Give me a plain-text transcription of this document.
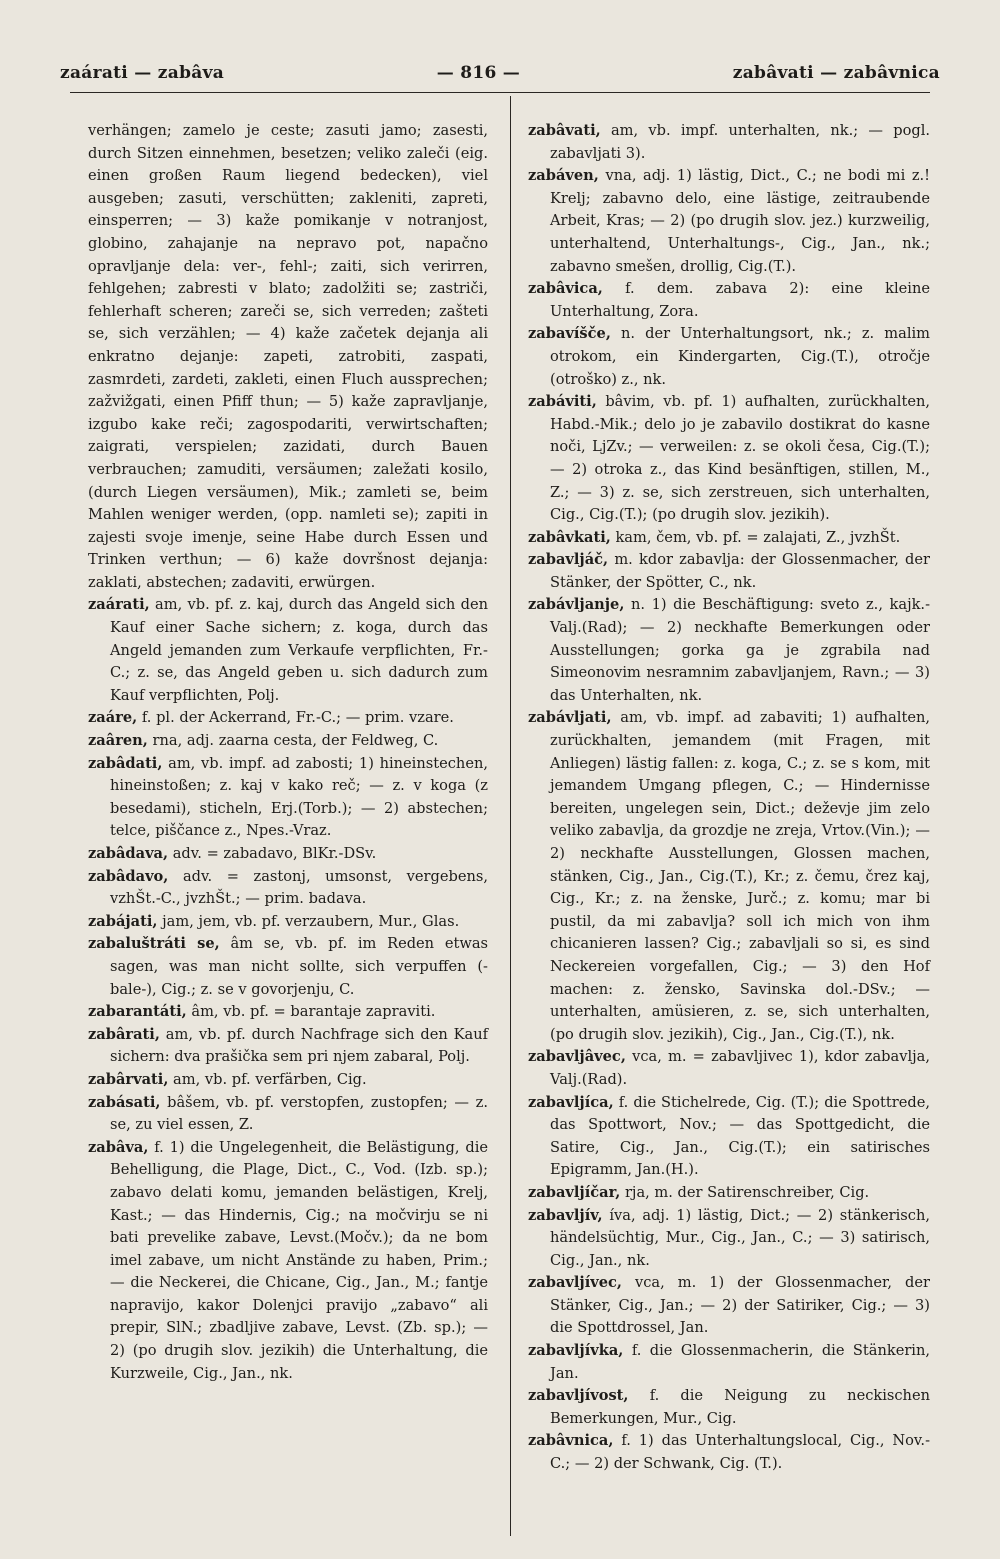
zaárati — zabâva	— 816 —	zabâvati — zabâvnica

verhängen; zamelo je ceste; zasuti jamo; zasesti, durch Sitzen einnehmen, besetzen; veliko zaleči (eig. einen großen Raum liegend bedecken), viel ausgeben; zasuti, verschütten; zakleniti, zapreti, einsperren; — 3) kaže pomikanje v notranjost, globino, zahajanje na nepravo pot, napačno opravljanje dela: ver-, fehl-; zaiti, sich verirren, fehlgehen; zabresti v blato; zadolžiti se; zastriči, fehlerhaft scheren; zareči se, sich verreden; zašteti se, sich verzählen; — 4) kaže začetek dejanja ali enkratno dejanje: zapeti, zatrobiti, zaspati, zasmrdeti, zardeti, zakleti, einen Fluch aussprechen; zažvižgati, einen Pfiff thun; — 5) kaže zapravljanje, izgubo kake reči; zagospodariti, verwirtschaften; zaigrati, verspielen; zazidati, durch Bauen verbrauchen; zamuditi, versäumen; zaležati kosilo, (durch Liegen versäumen), Mik.; zamleti se, beim Mahlen weniger werden, (opp. namleti se); zapiti in zajesti svoje imenje, seine Habe durch Essen und Trinken verthun; — 6) kaže dovršnost dejanja: zaklati, abstechen; zadaviti, erwürgen.

zaárati, am, vb. pf. z. kaj, durch das Angeld sich den Kauf einer Sache sichern; z. koga, durch das Angeld jemanden zum Verkaufe verpflichten, Fr.-C.; z. se, das Angeld geben u. sich dadurch zum Kauf verpflichten, Polj.

zaáre, f. pl. der Ackerrand, Fr.-C.; — prim. vzare.

zaâren, rna, adj. zaarna cesta, der Feldweg, C.

zabâdati, am, vb. impf. ad zabosti; 1) hineinstechen, hineinstoßen; z. kaj v kako reč; — z. v koga (z besedami), sticheln, Erj.(Torb.); — 2) abstechen; telce, piščance z., Npes.-Vraz.

zabâdava, adv. = zabadavo, BlKr.-DSv.

zabâdavo, adv. = zastonj, umsonst, vergebens, vzhŠt.-C., jvzhŠt.; — prim. badava.

zabájati, jam, jem, vb. pf. verzaubern, Mur., Glas.

zabaluštráti se, âm se, vb. pf. im Reden etwas sagen, was man nicht sollte, sich verpuffen (-bale-), Cig.; z. se v govorjenju, C.

zabarantáti, âm, vb. pf. = barantaje zapraviti.

zabârati, am, vb. pf. durch Nachfrage sich den Kauf sichern: dva prašička sem pri njem zabaral, Polj.

zabârvati, am, vb. pf. verfärben, Cig.

zabásati, bâšem, vb. pf. verstopfen, zustopfen; — z. se, zu viel essen, Z.

zabâva, f. 1) die Ungelegenheit, die Belästigung, die Behelligung, die Plage, Dict., C., Vod. (Izb. sp.); zabavo delati komu, jemanden belästigen, Krelj, Kast.; — das Hindernis, Cig.; na močvirju se ni bati prevelike zabave, Levst.(Močv.); da ne bom imel zabave, um nicht Anstände zu haben, Prim.; — die Neckerei, die Chicane, Cig., Jan., M.; fantje napravijo, kakor Dolenjci pravijo „zabavo“ ali prepir, SlN.; zbadljive zabave, Levst. (Zb. sp.); — 2) (po drugih slov. jezikih) die Unterhaltung, die Kurzweile, Cig., Jan., nk.

zabâvati, am, vb. impf. unterhalten, nk.; — pogl. zabavljati 3).

zabáven, vna, adj. 1) lästig, Dict., C.; ne bodi mi z.! Krelj; zabavno delo, eine lästige, zeitraubende Arbeit, Kras; — 2) (po drugih slov. jez.) kurzweilig, unterhaltend, Unterhaltungs-, Cig., Jan., nk.; zabavno smešen, drollig, Cig.(T.).

zabâvica, f. dem. zabava 2): eine kleine Unterhaltung, Zora.

zabavíšče, n. der Unterhaltungsort, nk.; z. malim otrokom, ein Kindergarten, Cig.(T.), otročje (otroško) z., nk.

zabáviti, bâvim, vb. pf. 1) aufhalten, zurückhalten, Habd.-Mik.; delo jo je zabavilo dostikrat do kasne noči, LjZv.; — verweilen: z. se okoli česa, Cig.(T.); — 2) otroka z., das Kind besänftigen, stillen, M., Z.; — 3) z. se, sich zerstreuen, sich unterhalten, Cig., Cig.(T.); (po drugih slov. jezikih).

zabâvkati, kam, čem, vb. pf. = zalajati, Z., jvzhŠt.

zabavljáč, m. kdor zabavlja: der Glossenmacher, der Stänker, der Spötter, C., nk.

zabávljanje, n. 1) die Beschäftigung: sveto z., kajk.-Valj.(Rad); — 2) neckhafte Bemerkungen oder Ausstellungen; gorka ga je zgrabila nad Simeonovim nesramnim zabavljanjem, Ravn.; — 3) das Unterhalten, nk.

zabávljati, am, vb. impf. ad zabaviti; 1) aufhalten, zurückhalten, jemandem (mit Fragen, mit Anliegen) lästig fallen: z. koga, C.; z. se s kom, mit jemandem Umgang pflegen, C.; — Hindernisse bereiten, ungelegen sein, Dict.; deževje jim zelo veliko zabavlja, da grozdje ne zreja, Vrtov.(Vin.); — 2) neckhafte Ausstellungen, Glossen machen, stänken, Cig., Jan., Cig.(T.), Kr.; z. čemu, črez kaj, Cig., Kr.; z. na ženske, Jurč.; z. komu; mar bi pustil, da mi zabavlja? soll ich mich von ihm chicanieren lassen? Cig.; zabavljali so si, es sind Neckereien vorgefallen, Cig.; — 3) den Hof machen: z. žensko, Savinska dol.-DSv.; — unterhalten, amüsieren, z. se, sich unterhalten, (po drugih slov. jezikih), Cig., Jan., Cig.(T.), nk.

zabavljâvec, vca, m. = zabavljivec 1), kdor zabavlja, Valj.(Rad).

zabavljíca, f. die Stichelrede, Cig. (T.); die Spottrede, das Spottwort, Nov.; — das Spottgedicht, die Satire, Cig., Jan., Cig.(T.); ein satirisches Epigramm, Jan.(H.).

zabavljíčar, rja, m. der Satirenschreiber, Cig.

zabavljív, íva, adj. 1) lästig, Dict.; — 2) stänkerisch, händelsüchtig, Mur., Cig., Jan., C.; — 3) satirisch, Cig., Jan., nk.

zabavljívec, vca, m. 1) der Glossenmacher, der Stänker, Cig., Jan.; — 2) der Satiriker, Cig.; — 3) die Spottdrossel, Jan.

zabavljívka, f. die Glossenmacherin, die Stänkerin, Jan.

zabavljívost, f. die Neigung zu neckischen Bemerkungen, Mur., Cig.

zabâvnica, f. 1) das Unterhaltungslocal, Cig., Nov.-C.; — 2) der Schwank, Cig. (T.).
